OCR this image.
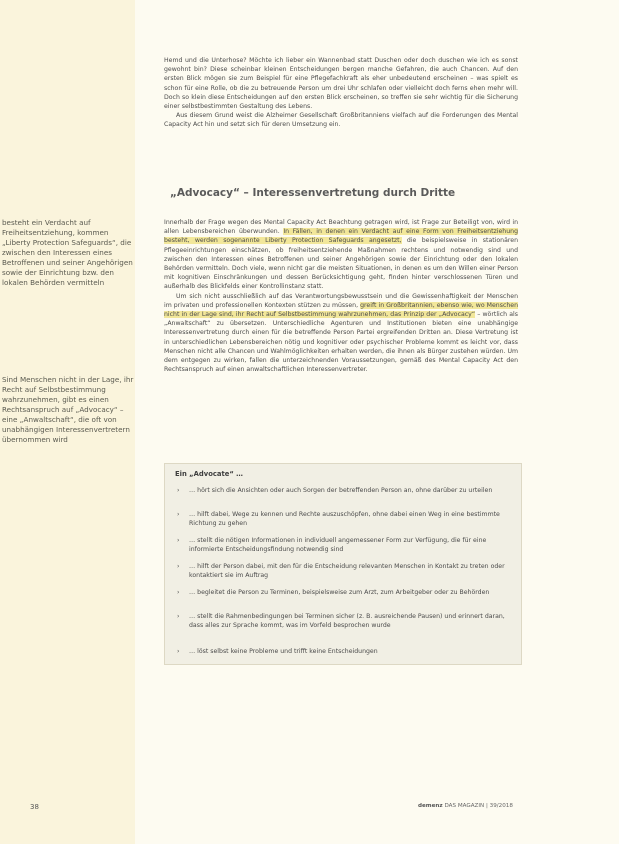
besteht ein Verdacht auf Freiheitsentziehung, kommen „Liberty Protection Safeguards“, die zwischen den Interessen eines Betroffenen und seiner Angehörigen sowie der Einrichtung bzw. den lokalen Behörden vermitteln
Sind Menschen nicht in der Lage, ihr Recht auf Selbstbestimmung wahrzunehmen, gibt es einen Rechtsanspruch auf „Advocacy“ – eine „Anwaltschaft“, die oft von unabhängigen Interessenvertretern übernommen wird

Hemd und die Unterhose? Möchte ich lieber ein Wannenbad statt Duschen oder doch duschen wie ich es sonst gewohnt bin? Diese scheinbar kleinen Entscheidungen bergen manche Gefahren, die auch Chancen. Auf den ersten Blick mögen sie zum Beispiel für eine Pflegefachkraft als eher unbedeutend erscheinen – was spielt es schon für eine Rolle, ob die zu betreuende Person um drei Uhr schlafen oder vielleicht doch ferns ehen mehr will. Doch so klein diese Entscheidungen auf den ersten Blick erscheinen, so treffen sie sehr wichtig für die Sicherung einer selbstbestimmten Gestaltung des Lebens.

Aus diesem Grund weist die Alzheimer Gesellschaft Großbritanniens vielfach auf die Forderungen des Mental Capacity Act hin und setzt sich für deren Umsetzung ein.

„Advocacy“ – Interessenvertretung durch Dritte

Innerhalb der Frage wegen des Mental Capacity Act Beachtung getragen wird, ist Frage zur Beteiligt von, wird in allen Lebensbereichen überwunden. In Fällen, in denen ein Verdacht auf eine Form von Freiheitsentziehung besteht, werden sogenannte Liberty Protection Safeguards angesetzt, die beispielsweise in stationären Pflegeeinrichtungen einschätzen, ob freiheitsentziehende Maßnahmen rechtens und notwendig sind und zwischen den Interessen eines Betroffenen und seiner Angehörigen sowie der Einrichtung oder den lokalen Behörden vermitteln. Doch viele, wenn nicht gar die meisten Situationen, in denen es um den Willen einer Person mit kognitiven Einschränkungen und dessen Berücksichtigung geht, finden hinter verschlossenen Türen und außerhalb des Blickfelds einer Kontrollinstanz statt.

Um sich nicht ausschließlich auf das Verantwortungsbewusstsein und die Gewissenhaftigkeit der Menschen im privaten und professionellen Kontexten stützen zu müssen, greift in Großbritannien, ebenso wie, wo Menschen nicht in der Lage sind, ihr Recht auf Selbstbestimmung wahrzunehmen, das Prinzip der „Advocacy“ – wörtlich als „Anwaltschaft“ zu übersetzen. Unterschiedliche Agenturen und Institutionen bieten eine unabhängige Interessenvertretung durch einen für die betreffende Person Partei ergreifenden Dritten an. Diese Vertretung ist in unterschiedlichen Lebensbereichen nötig und kognitiver oder psychischer Probleme kommt es leicht vor, dass Menschen nicht alle Chancen und Wahlmöglichkeiten erhalten werden, die ihnen als Bürger zustehen würden. Um dem entgegen zu wirken, fallen die unterzeichnenden Voraussetzungen, gemäß des Mental Capacity Act den Rechtsanspruch auf einen anwaltschaftlichen Interessenvertreter.

Ein „Advocate“ …
›	… hört sich die Ansichten oder auch Sorgen der betreffenden Person an, ohne darüber zu urteilen
›	… hilft dabei, Wege zu kennen und Rechte auszuschöpfen, ohne dabei einen Weg in eine bestimmte Richtung zu gehen
›	… stellt die nötigen Informationen in individuell angemessener Form zur Verfügung, die für eine informierte Entscheidungsfindung notwendig sind
›	… hilft der Person dabei, mit den für die Entscheidung relevanten Menschen in Kontakt zu treten oder kontaktiert sie im Auftrag
›	… begleitet die Person zu Terminen, beispielsweise zum Arzt, zum Arbeitgeber oder zu Behörden
›	… stellt die Rahmenbedingungen bei Terminen sicher (z. B. ausreichende Pausen) und erinnert daran, dass alles zur Sprache kommt, was im Vorfeld besprochen wurde
›	… löst selbst keine Probleme und trifft keine Entscheidungen
38	demenz DAS MAGAZIN | 39/2018
